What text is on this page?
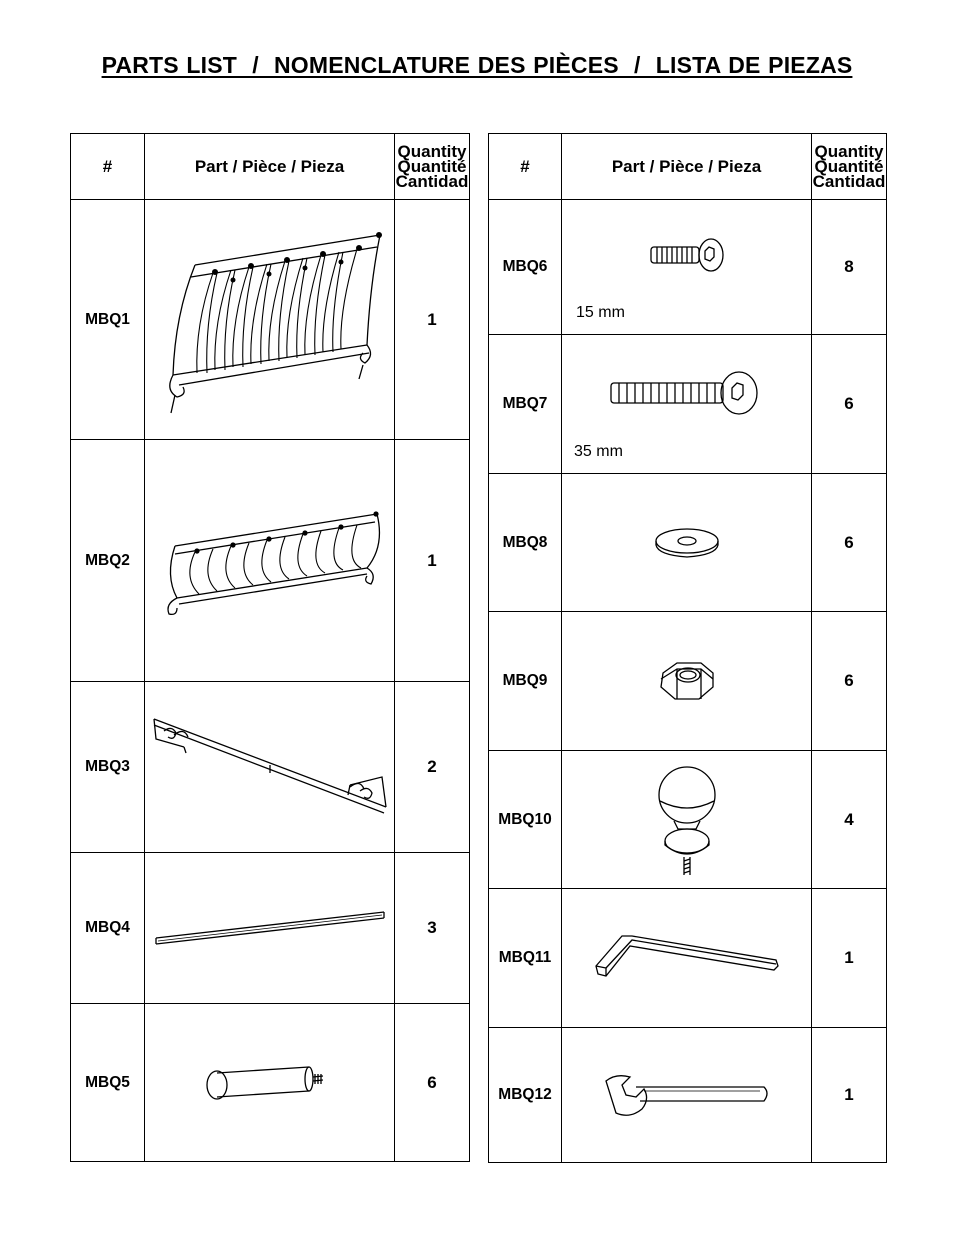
PARTS LIST  /  NOMENCLATURE DES PIÈCES  /  LISTA DE PIEZAS
#	Part / Pièce / Pieza	Quantity
Quantité
Cantidad

MBQ1		1
MBQ2		1
MBQ3		2
MBQ4		3
MBQ5		6
#	Part / Pièce / Pieza	Quantity
Quantité
Cantidad

MBQ6	15 mm	8
MBQ7	35 mm	6
MBQ8		6
MBQ9		6
MBQ10		4
MBQ11		1
MBQ12		1
